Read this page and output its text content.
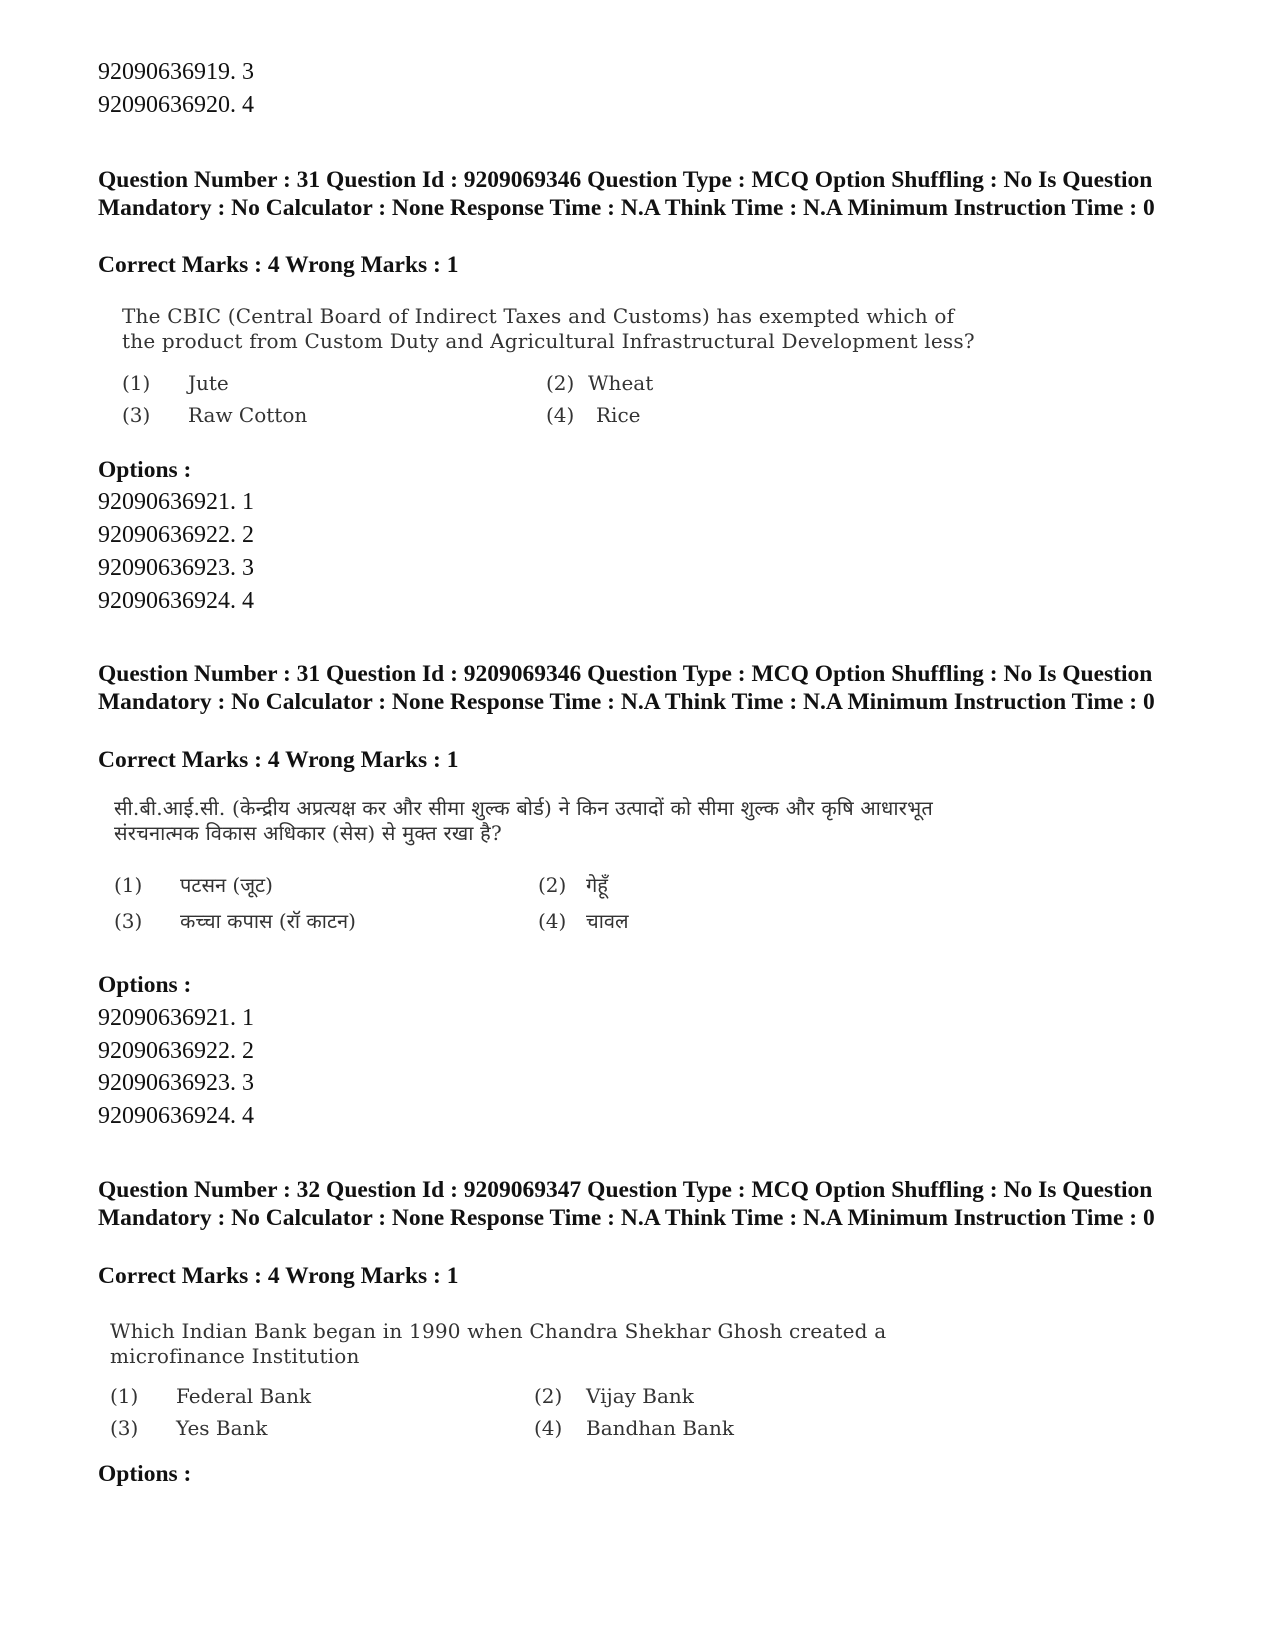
92090636919. 3
92090636920. 4
Question Number : 31 Question Id : 9209069346 Question Type : MCQ Option Shuffling : No Is Question Mandatory : No Calculator : None Response Time : N.A Think Time : N.A Minimum Instruction Time : 0
Correct Marks : 4 Wrong Marks : 1
The CBIC (Central Board of Indirect Taxes and Customs) has exempted which of the product from Custom Duty and Agricultural Infrastructural Development less?
(1) Jute	(2) Wheat
(3) Raw Cotton	(4) Rice
Options :
92090636921. 1
92090636922. 2
92090636923. 3
92090636924. 4
Question Number : 31 Question Id : 9209069346 Question Type : MCQ Option Shuffling : No Is Question Mandatory : No Calculator : None Response Time : N.A Think Time : N.A Minimum Instruction Time : 0
Correct Marks : 4 Wrong Marks : 1
सी.बी.आई.सी. (केन्द्रीय अप्रत्यक्ष कर और सीमा शुल्क बोर्ड) ने किन उत्पादों को सीमा शुल्क और कृषि आधारभूत संरचनात्मक विकास अधिकार (सेस) से मुक्त रखा है?
(1) पटसन (जूट)	(2) गेहूँ
(3) कच्चा कपास (रॉ काटन)	(4) चावल
Options :
92090636921. 1
92090636922. 2
92090636923. 3
92090636924. 4
Question Number : 32 Question Id : 9209069347 Question Type : MCQ Option Shuffling : No Is Question Mandatory : No Calculator : None Response Time : N.A Think Time : N.A Minimum Instruction Time : 0
Correct Marks : 4 Wrong Marks : 1
Which Indian Bank began in 1990 when Chandra Shekhar Ghosh created a microfinance Institution
(1) Federal Bank	(2) Vijay Bank
(3) Yes Bank	(4) Bandhan Bank
Options :
